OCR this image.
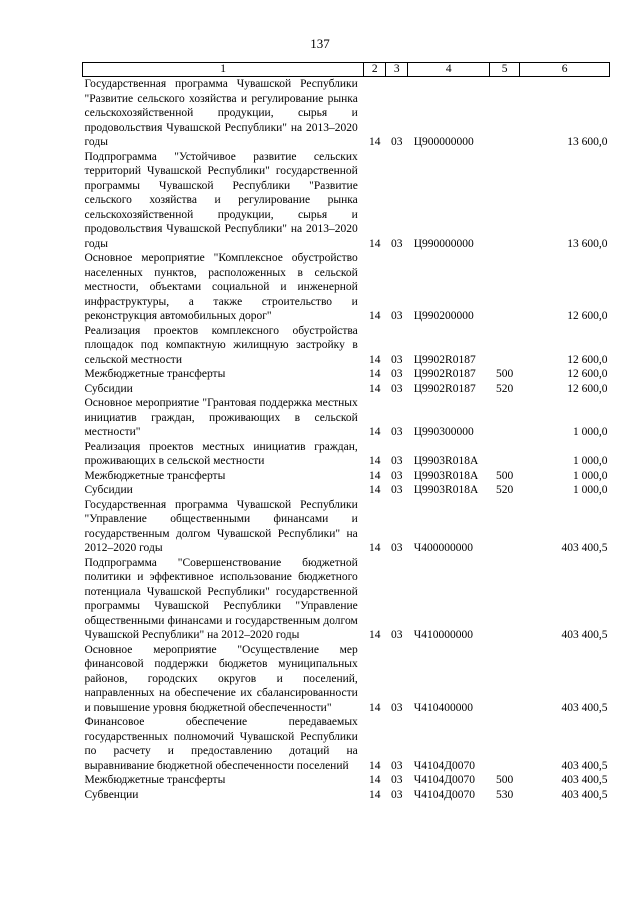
137
1	2	3	4	5	6
Государственная программа Чувашской Республики "Развитие сельского хозяйства и регулирование рынка сельскохозяйственной продукции, сырья и продовольствия Чувашской Республики" на 2013–2020 годы	14	03	Ц900000000		13 600,0
Подпрограмма "Устойчивое развитие сельских территорий Чувашской Республики" государственной программы Чувашской Республики "Развитие сельского хозяйства и регулирование рынка сельскохозяйственной продукции, сырья и продовольствия Чувашской Республики" на 2013–2020 годы	14	03	Ц990000000		13 600,0
Основное мероприятие "Комплексное обустройство населенных пунктов, расположенных в сельской местности, объектами социальной и инженерной инфраструктуры, а также строительство и реконструкция автомобильных дорог"	14	03	Ц990200000		12 600,0
Реализация проектов комплексного обустройства площадок под компактную жилищную застройку в сельской местности	14	03	Ц9902R0187		12 600,0
Межбюджетные трансферты	14	03	Ц9902R0187	500	12 600,0
Субсидии	14	03	Ц9902R0187	520	12 600,0
Основное мероприятие "Грантовая поддержка местных инициатив граждан, проживающих в сельской местности"	14	03	Ц990300000		1 000,0
Реализация проектов местных инициатив граждан, проживающих в сельской местности	14	03	Ц9903R018A		1 000,0
Межбюджетные трансферты	14	03	Ц9903R018A	500	1 000,0
Субсидии	14	03	Ц9903R018A	520	1 000,0
Государственная программа Чувашской Республики "Управление общественными финансами и государственным долгом Чувашской Республики" на 2012–2020 годы	14	03	Ч400000000		403 400,5
Подпрограмма "Совершенствование бюджетной политики и эффективное использование бюджетного потенциала Чувашской Республики" государственной программы Чувашской Республики "Управление общественными финансами и государственным долгом Чувашской Республики" на 2012–2020 годы	14	03	Ч410000000		403 400,5
Основное мероприятие "Осуществление мер финансовой поддержки бюджетов муниципальных районов, городских округов и поселений, направленных на обеспечение их сбалансированности и повышение уровня бюджетной обеспеченности"	14	03	Ч410400000		403 400,5
Финансовое обеспечение передаваемых государственных полномочий Чувашской Республики по расчету и предоставлению дотаций на выравнивание бюджетной обеспеченности поселений	14	03	Ч4104Д0070		403 400,5
Межбюджетные трансферты	14	03	Ч4104Д0070	500	403 400,5
Субвенции	14	03	Ч4104Д0070	530	403 400,5
